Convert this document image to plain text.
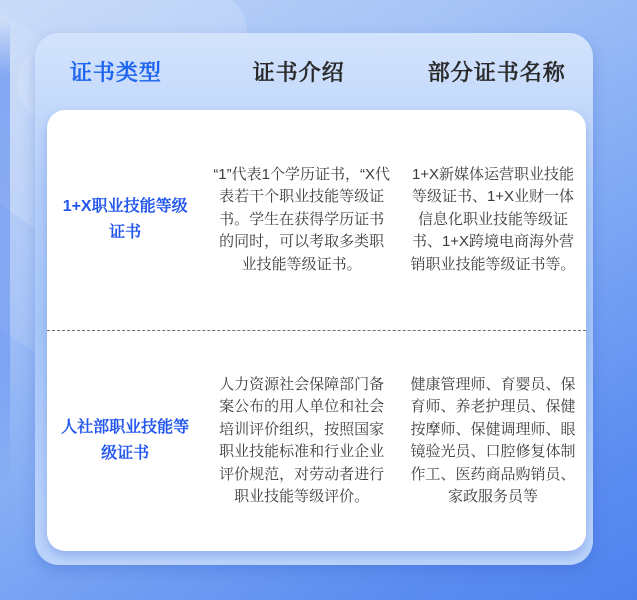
证书类型	证书介绍	部分证书名称
1+X职业技能等级证书
“1”代表1个学历证书，“X代表若干个职业技能等级证书。学生在获得学历证书的同时，可以考取多类职业技能等级证书。
1+X新媒体运营职业技能等级证书、1+X业财一体信息化职业技能等级证书、1+X跨境电商海外营销职业技能等级证书等。
人社部职业技能等级证书
人力资源社会保障部门备案公布的用人单位和社会培训评价组织，按照国家职业技能标准和行业企业评价规范，对劳动者进行职业技能等级评价。
健康管理师、育婴员、保育师、养老护理员、保健按摩师、保健调理师、眼镜验光员、口腔修复体制作工、医药商品购销员、家政服务员等
